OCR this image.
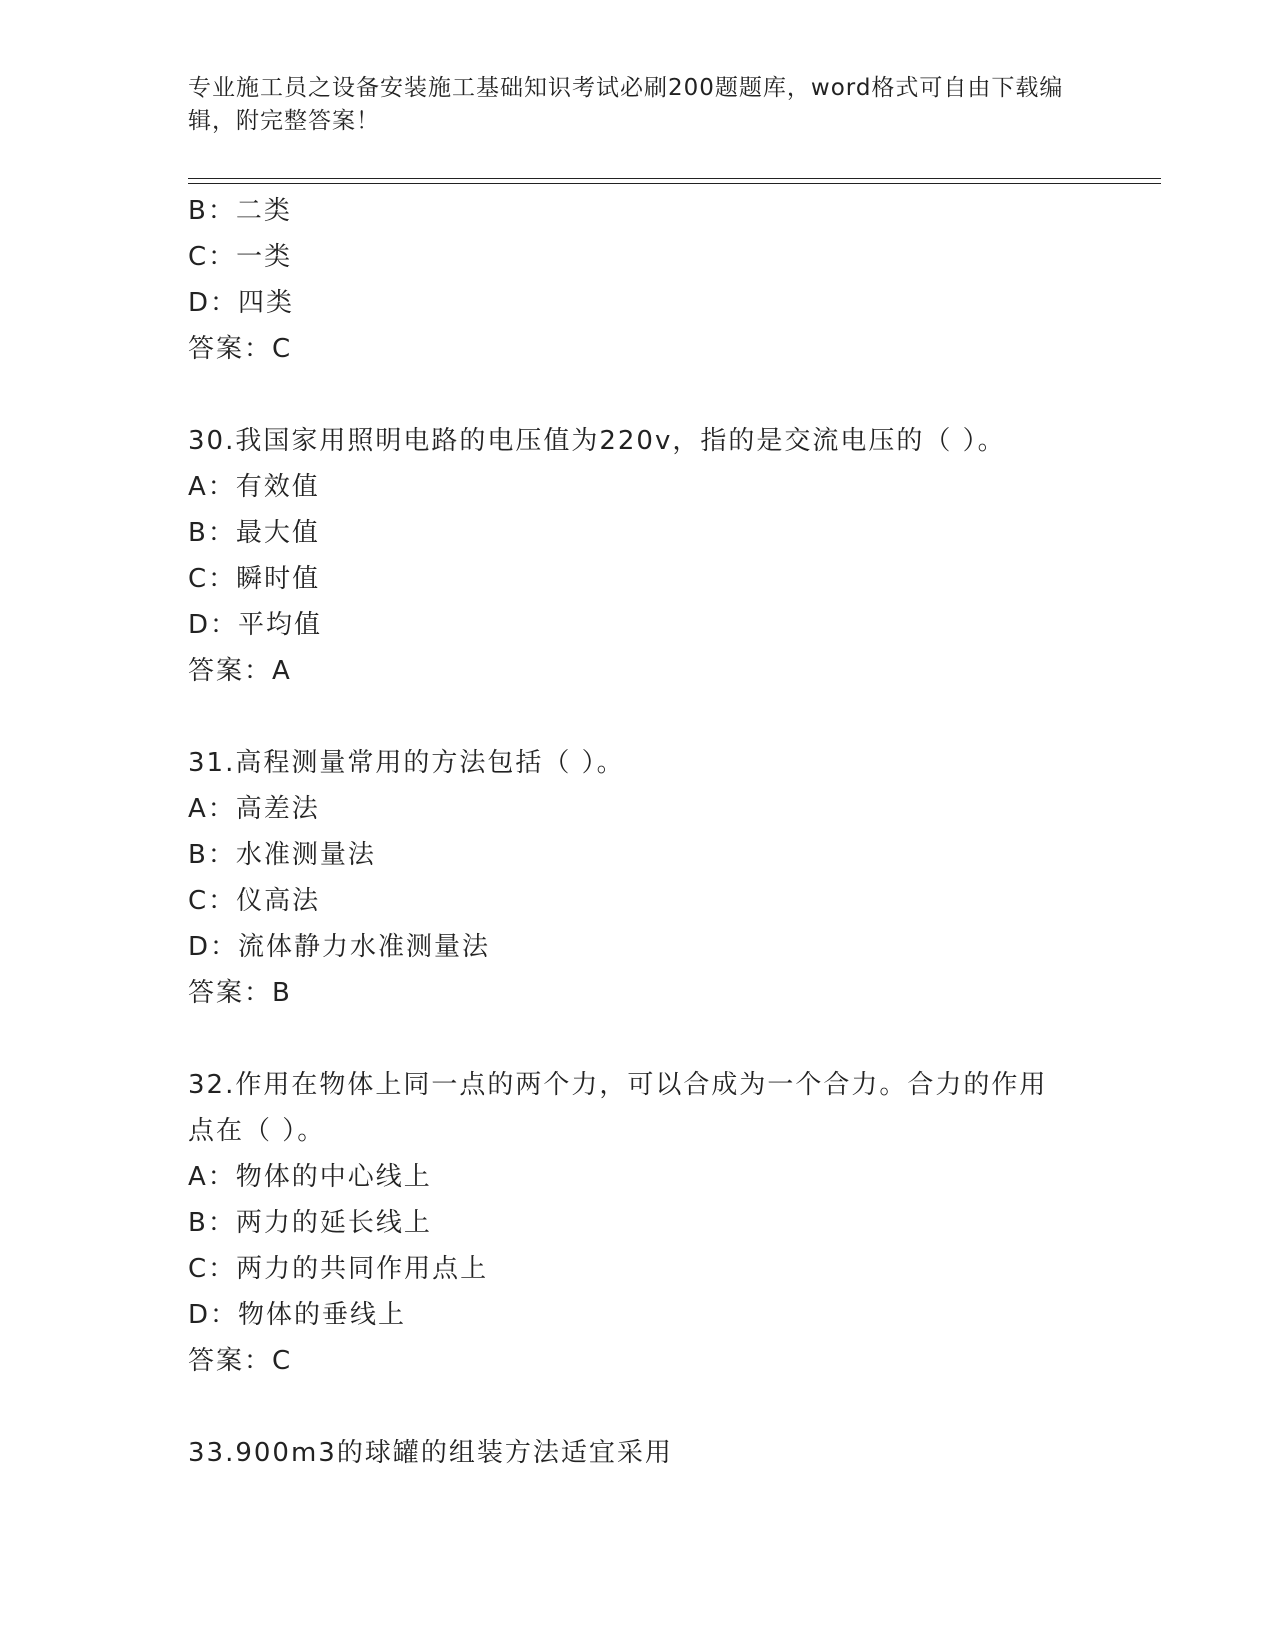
专业施工员之设备安装施工基础知识考试必刷200题题库，word格式可自由下载编辑，附完整答案！
B：二类
C：一类
D：四类
答案：C
30.我国家用照明电路的电压值为220v，指的是交流电压的（ ）。
A：有效值
B：最大值
C：瞬时值
D：平均值
答案：A
31.高程测量常用的方法包括（ ）。
A：高差法
B：水准测量法
C：仪高法
D：流体静力水准测量法
答案：B
32.作用在物体上同一点的两个力，可以合成为一个合力。合力的作用
点在（ ）。
A：物体的中心线上
B：两力的延长线上
C：两力的共同作用点上
D：物体的垂线上
答案：C
33.900m3的球罐的组装方法适宜采用
